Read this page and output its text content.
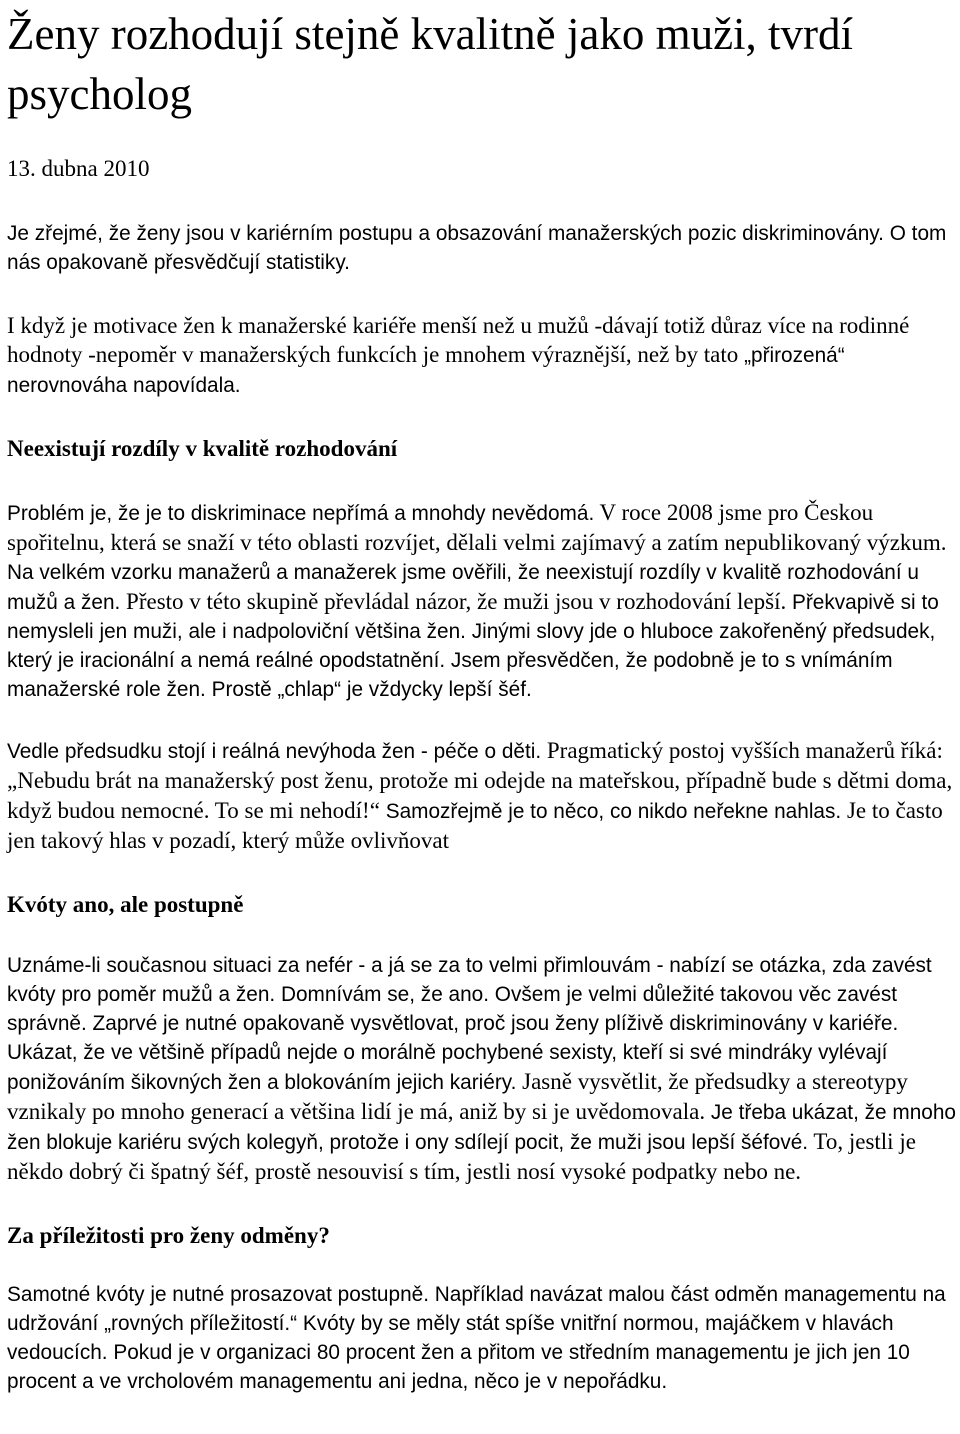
Ženy rozhodují stejně kvalitně jako muži, tvrdí psycholog

13. dubna 2010

Je zřejmé, že ženy jsou v kariérním postupu a obsazování manažerských pozic diskriminovány. O tom nás opakovaně přesvědčují statistiky.

I když je motivace žen k manažerské kariéře menší než u mužů -dávají totiž důraz více na rodinné hodnoty -nepoměr v manažerských funkcích je mnohem výraznější, než by tato „přirozená“ nerovnováha napovídala.

Neexistují rozdíly v kvalitě rozhodování

Problém je, že je to diskriminace nepřímá a mnohdy nevědomá. V roce 2008 jsme pro Českou spořitelnu, která se snaží v této oblasti rozvíjet, dělali velmi zajímavý a zatím nepublikovaný výzkum. Na velkém vzorku manažerů a manažerek jsme ověřili, že neexistují rozdíly v kvalitě rozhodování u mužů a žen. Přesto v této skupině převládal názor, že muži jsou v rozhodování lepší. Překvapivě si to nemysleli jen muži, ale i nadpoloviční většina žen. Jinými slovy jde o hluboce zakořeněný předsudek, který je iracionální a nemá reálné opodstatnění. Jsem přesvědčen, že podobně je to s vnímáním manažerské role žen. Prostě „chlap“ je vždycky lepší šéf.

Vedle předsudku stojí i reálná nevýhoda žen - péče o děti. Pragmatický postoj vyšších manažerů říká: „Nebudu brát na manažerský post ženu, protože mi odejde na mateřskou, případně bude s dětmi doma, když budou nemocné. To se mi nehodí!“ Samozřejmě je to něco, co nikdo neřekne nahlas. Je to často jen takový hlas v pozadí, který může ovlivňovat

Kvóty ano, ale postupně

Uznáme-li současnou situaci za nefér - a já se za to velmi přimlouvám - nabízí se otázka, zda zavést kvóty pro poměr mužů a žen. Domnívám se, že ano. Ovšem je velmi důležité takovou věc zavést správně. Zaprvé je nutné opakovaně vysvětlovat, proč jsou ženy plíživě diskriminovány v kariéře. Ukázat, že ve většině případů nejde o morálně pochybené sexisty, kteří si své mindráky vylévají ponižováním šikovných žen a blokováním jejich kariéry. Jasně vysvětlit, že předsudky a stereotypy vznikaly po mnoho generací a většina lidí je má, aniž by si je uvědomovala. Je třeba ukázat, že mnoho žen blokuje kariéru svých kolegyň, protože i ony sdílejí pocit, že muži jsou lepší šéfové. To, jestli je někdo dobrý či špatný šéf, prostě nesouvisí s tím, jestli nosí vysoké podpatky nebo ne.

Za příležitosti pro ženy odměny?

Samotné kvóty je nutné prosazovat postupně. Například navázat malou část odměn managementu na udržování „rovných příležitostí.“ Kvóty by se měly stát spíše vnitřní normou, majáčkem v hlavách vedoucích. Pokud je v organizaci 80 procent žen a přitom ve středním managementu je jich jen 10 procent a ve vrcholovém managementu ani jedna, něco je v nepořádku.
